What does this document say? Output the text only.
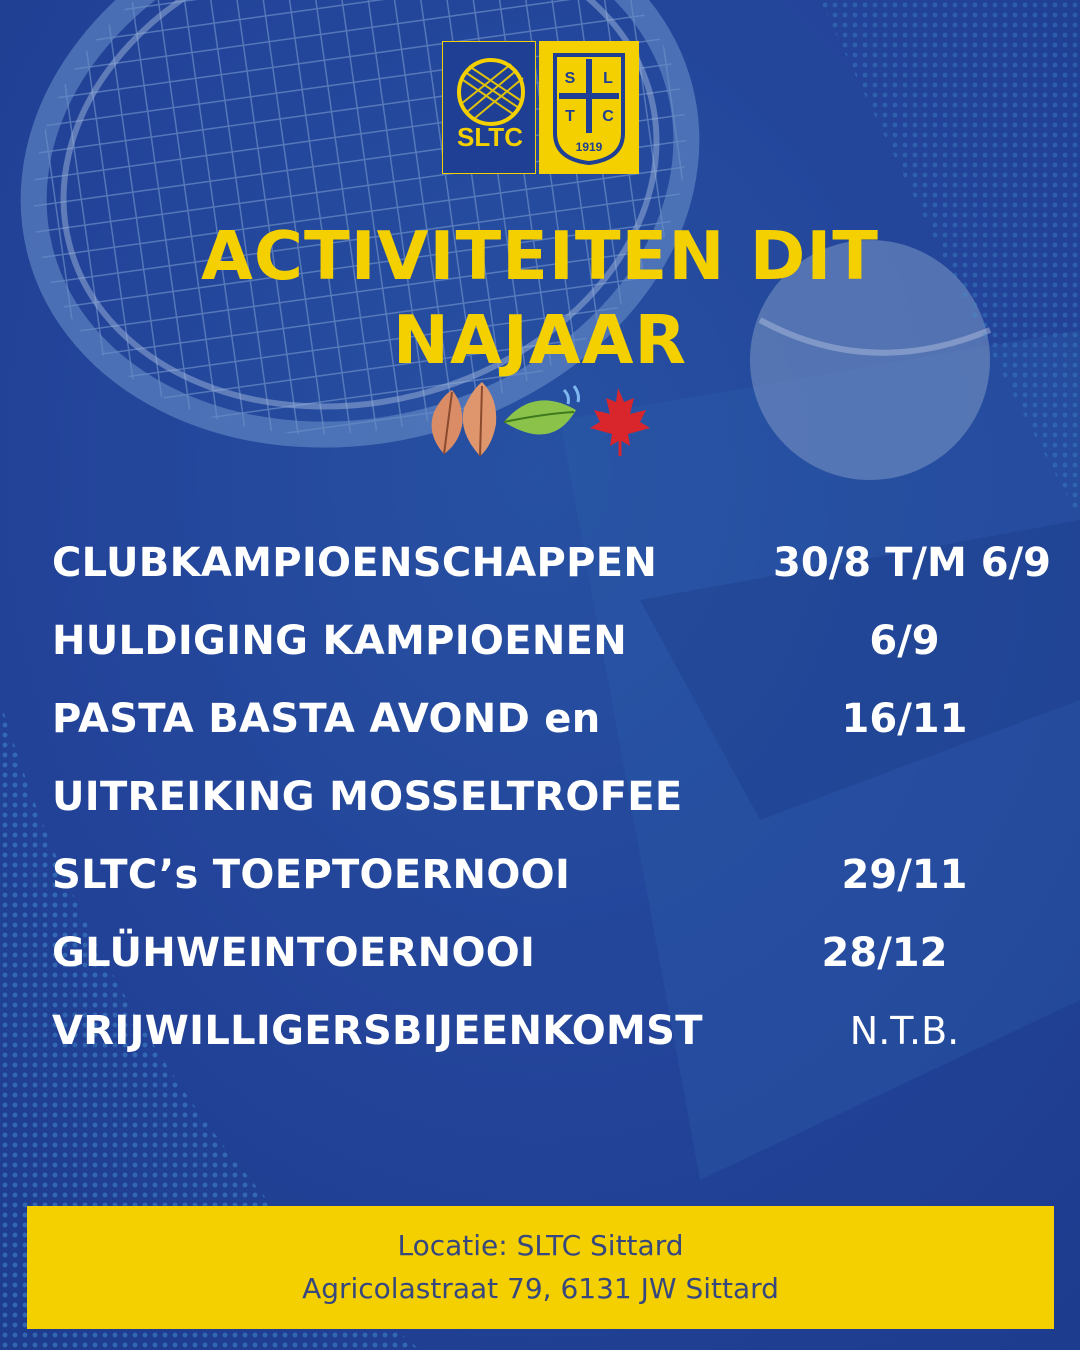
SLTC
S L
T C
1919
ACTIVITEITEN DIT
NAJAAR
CLUBKAMPIOENSCHAPPEN	30/8 T/M 6/9
HULDIGING KAMPIOENEN	6/9
PASTA BASTA AVOND en	16/11
UITREIKING MOSSELTROFEE
SLTC’s TOEPTOERNOOI	29/11
GLÜHWEINTOERNOOI	28/12
VRIJWILLIGERSBIJEENKOMST	N.T.B.
Locatie: SLTC Sittard
Agricolastraat 79, 6131 JW Sittard
